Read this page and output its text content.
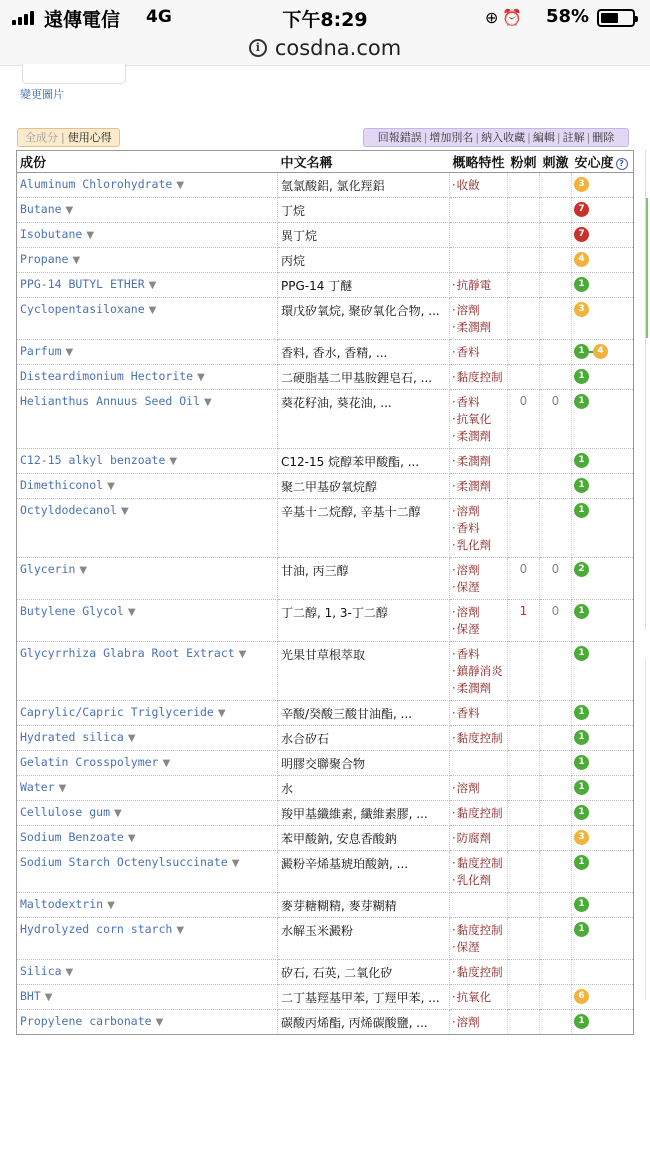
遠傳電信 4G	下午8:29	⊕⏰ 58%
i cosdna.com
變更圖片
全成分 | 使用心得	回報錯誤 | 增加別名 | 納入收藏 | 編輯 | 註解 | 刪除
成份	中文名稱	概略特性	粉刺	刺激	安心度 ?
Aluminum Chlorohydrate ▼	氫氯酸鋁, 氯化羥鋁	· 收斂			3
Butane ▼	丁烷				7
Isobutane ▼	異丁烷				7
Propane ▼	丙烷				4
PPG-14 BUTYL ETHER ▼	PPG-14 丁醚	· 抗靜電			1
Cyclopentasiloxane ▼	環戊矽氧烷, 聚矽氧化合物, ...	· 溶劑
· 柔潤劑			3
Parfum ▼	香料, 香水, 香精, ...	· 香料			1 4
Disteardimonium Hectorite ▼	二硬脂基二甲基胺鋰皂石, ...	· 黏度控制			1
Helianthus Annuus Seed Oil ▼	葵花籽油, 葵花油, ...	· 香料
· 抗氧化
· 柔潤劑	0	0	1
C12-15 alkyl benzoate ▼	C12-15 烷醇苯甲酸酯, ...	· 柔潤劑			1
Dimethiconol ▼	聚二甲基矽氧烷醇	· 柔潤劑			1
Octyldodecanol ▼	辛基十二烷醇, 辛基十二醇	· 溶劑
· 香料
· 乳化劑			1
Glycerin ▼	甘油, 丙三醇	· 溶劑
· 保溼	0	0	2
Butylene Glycol ▼	丁二醇, 1, 3-丁二醇	· 溶劑
· 保溼	1	0	1
Glycyrrhiza Glabra Root Extract ▼	光果甘草根萃取	· 香料
· 鎮靜消炎
· 柔潤劑			1
Caprylic/Capric Triglyceride ▼	辛酸/癸酸三酸甘油酯, ...	· 香料			1
Hydrated silica ▼	水合矽石	· 黏度控制			1
Gelatin Crosspolymer ▼	明膠交聯聚合物				1
Water ▼	水	· 溶劑			1
Cellulose gum ▼	羧甲基纖維素, 纖維素膠, ...	· 黏度控制			1
Sodium Benzoate ▼	苯甲酸鈉, 安息香酸鈉	· 防腐劑			3
Sodium Starch Octenylsuccinate ▼	澱粉辛烯基琥珀酸鈉, ...	· 黏度控制
· 乳化劑			1
Maltodextrin ▼	麥芽糖糊精, 麥芽糊精				1
Hydrolyzed corn starch ▼	水解玉米澱粉	· 黏度控制
· 保溼			1
Silica ▼	矽石, 石英, 二氧化矽	· 黏度控制

BHT ▼	二丁基羥基甲苯, 丁羥甲苯, ...	· 抗氧化			6
Propylene carbonate ▼	碳酸丙烯酯, 丙烯碳酸鹽, ...	· 溶劑			1
